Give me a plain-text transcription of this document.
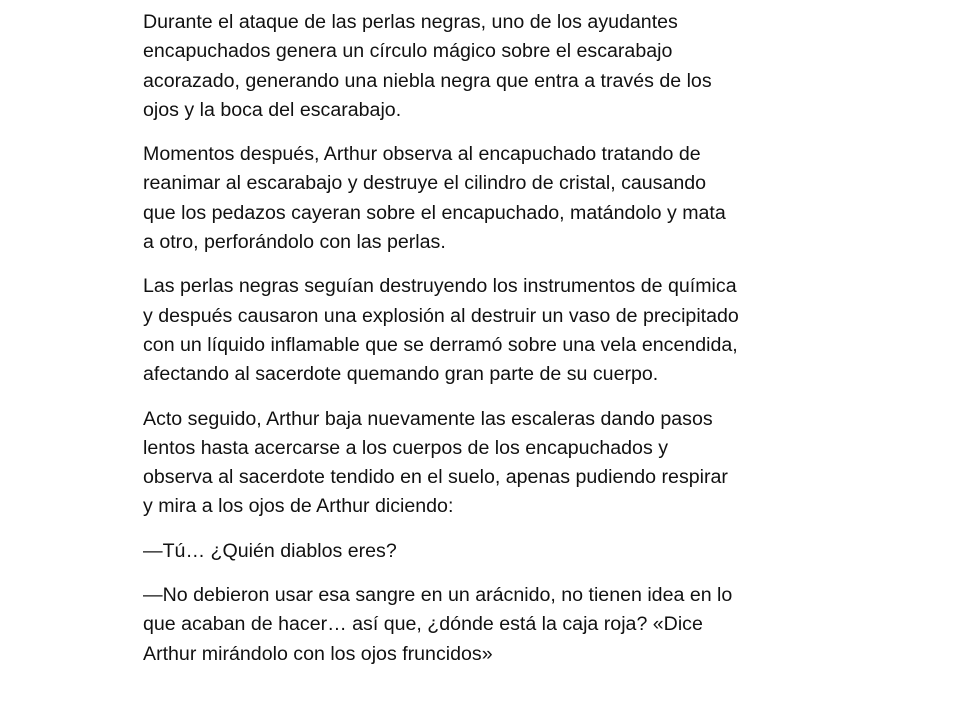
Durante el ataque de las perlas negras, uno de los ayudantes
encapuchados genera un círculo mágico sobre el escarabajo
acorazado, generando una niebla negra que entra a través de los
ojos y la boca del escarabajo.

Momentos después, Arthur observa al encapuchado tratando de
reanimar al escarabajo y destruye el cilindro de cristal, causando
que los pedazos cayeran sobre el encapuchado, matándolo y mata
a otro, perforándolo con las perlas.

Las perlas negras seguían destruyendo los instrumentos de química
y después causaron una explosión al destruir un vaso de precipitado
con un líquido inflamable que se derramó sobre una vela encendida,
afectando al sacerdote quemando gran parte de su cuerpo.

Acto seguido, Arthur baja nuevamente las escaleras dando pasos
lentos hasta acercarse a los cuerpos de los encapuchados y
observa al sacerdote tendido en el suelo, apenas pudiendo respirar
y mira a los ojos de Arthur diciendo:

—Tú… ¿Quién diablos eres?

—No debieron usar esa sangre en un arácnido, no tienen idea en lo
que acaban de hacer… así que, ¿dónde está la caja roja? «Dice
Arthur mirándolo con los ojos fruncidos»
